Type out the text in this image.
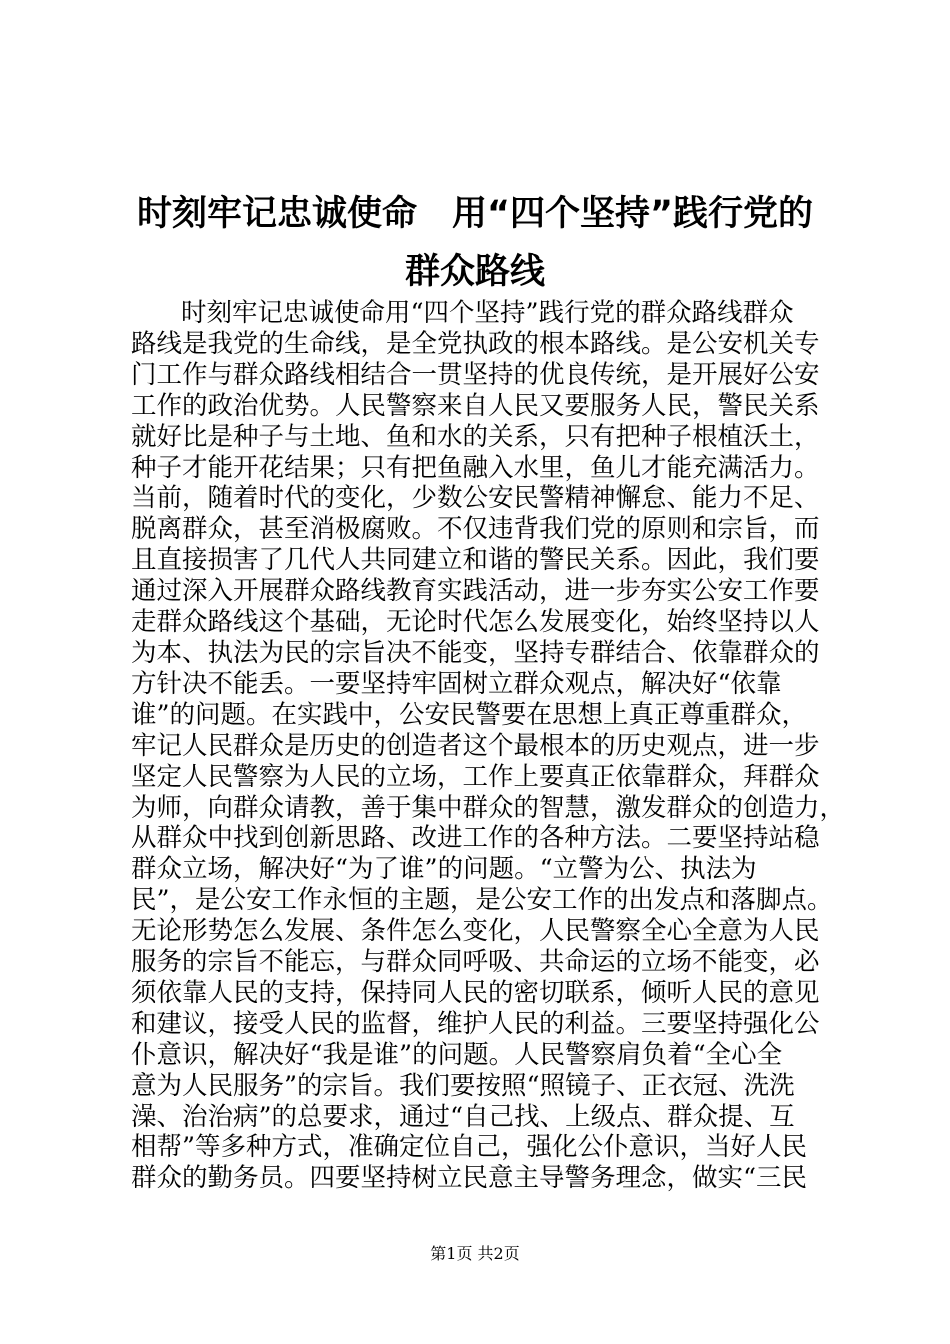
时刻牢记忠诚使命　用“四个坚持”践行党的
群众路线
时刻牢记忠诚使命用“四个坚持”践行党的群众路线群众
路线是我党的生命线，是全党执政的根本路线。是公安机关专
门工作与群众路线相结合一贯坚持的优良传统，是开展好公安
工作的政治优势。人民警察来自人民又要服务人民，警民关系
就好比是种子与土地、鱼和水的关系，只有把种子根植沃土，
种子才能开花结果；只有把鱼融入水里，鱼儿才能充满活力。
当前，随着时代的变化，少数公安民警精神懈怠、能力不足、
脱离群众，甚至消极腐败。不仅违背我们党的原则和宗旨，而
且直接损害了几代人共同建立和谐的警民关系。因此，我们要
通过深入开展群众路线教育实践活动，进一步夯实公安工作要
走群众路线这个基础，无论时代怎么发展变化，始终坚持以人
为本、执法为民的宗旨决不能变，坚持专群结合、依靠群众的
方针决不能丢。一要坚持牢固树立群众观点，解决好“依靠
谁”的问题。在实践中，公安民警要在思想上真正尊重群众，
牢记人民群众是历史的创造者这个最根本的历史观点，进一步
坚定人民警察为人民的立场，工作上要真正依靠群众，拜群众
为师，向群众请教，善于集中群众的智慧，激发群众的创造力，
从群众中找到创新思路、改进工作的各种方法。二要坚持站稳
群众立场，解决好“为了谁”的问题。“立警为公、执法为
民”，是公安工作永恒的主题，是公安工作的出发点和落脚点。
无论形势怎么发展、条件怎么变化，人民警察全心全意为人民
服务的宗旨不能忘，与群众同呼吸、共命运的立场不能变，必
须依靠人民的支持，保持同人民的密切联系，倾听人民的意见
和建议，接受人民的监督，维护人民的利益。三要坚持强化公
仆意识，解决好“我是谁”的问题。人民警察肩负着“全心全
意为人民服务”的宗旨。我们要按照“照镜子、正衣冠、洗洗
澡、治治病”的总要求，通过“自己找、上级点、群众提、互
相帮”等多种方式，准确定位自己，强化公仆意识，当好人民
群众的勤务员。四要坚持树立民意主导警务理念，做实“三民
第1页 共2页
